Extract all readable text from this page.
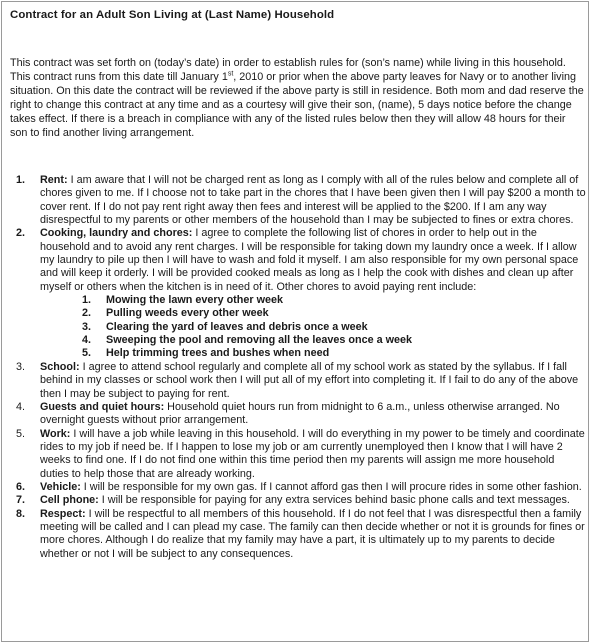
Contract for an Adult Son Living at (Last Name) Household
This contract was set forth on (today’s date) in order to establish rules for (son’s name) while living in this household. This contract runs from this date till January 1st, 2010 or prior when the above party leaves for Navy or to another living situation. On this date the contract will be reviewed if the above party is still in residence. Both mom and dad reserve the right to change this contract at any time and as a courtesy will give their son, (name), 5 days notice before the change takes effect. If there is a breach in compliance with any of the listed rules below then they will allow 48 hours for their son to find another living arrangement.
1. Rent: I am aware that I will not be charged rent as long as I comply with all of the rules below and complete all of chores given to me. If I choose not to take part in the chores that I have been given then I will pay $200 a month to cover rent. If I do not pay rent right away then fees and interest will be applied to the $200. If I am any way disrespectful to my parents or other members of the household than I may be subjected to fines or extra chores.
2. Cooking, laundry and chores: I agree to complete the following list of chores in order to help out in the household and to avoid any rent charges. I will be responsible for taking down my laundry once a week. If I allow my laundry to pile up then I will have to wash and fold it myself. I am also responsible for my own personal space and will keep it orderly. I will be provided cooked meals as long as I help the cook with dishes and clean up after myself or others when the kitchen is in need of it. Other chores to avoid paying rent include:
1. Mowing the lawn every other week
2. Pulling weeds every other week
3. Clearing the yard of leaves and debris once a week
4. Sweeping the pool and removing all the leaves once a week
5. Help trimming trees and bushes when need
3. School: I agree to attend school regularly and complete all of my school work as stated by the syllabus. If I fall behind in my classes or school work then I will put all of my effort into completing it. If I fail to do any of the above then I may be subject to paying for rent.
4. Guests and quiet hours: Household quiet hours run from midnight to 6 a.m., unless otherwise arranged. No overnight guests without prior arrangement.
5. Work: I will have a job while leaving in this household. I will do everything in my power to be timely and coordinate rides to my job if need be. If I happen to lose my job or am currently unemployed then I know that I will have 2 weeks to find one. If I do not find one within this time period then my parents will assign me more household duties to help those that are already working.
6. Vehicle: I will be responsible for my own gas. If I cannot afford gas then I will procure rides in some other fashion.
7. Cell phone: I will be responsible for paying for any extra services behind basic phone calls and text messages.
8. Respect: I will be respectful to all members of this household. If I do not feel that I was disrespectful then a family meeting will be called and I can plead my case. The family can then decide whether or not it is grounds for fines or more chores. Although I do realize that my family may have a part, it is ultimately up to my parents to decide whether or not I will be subject to any consequences.
